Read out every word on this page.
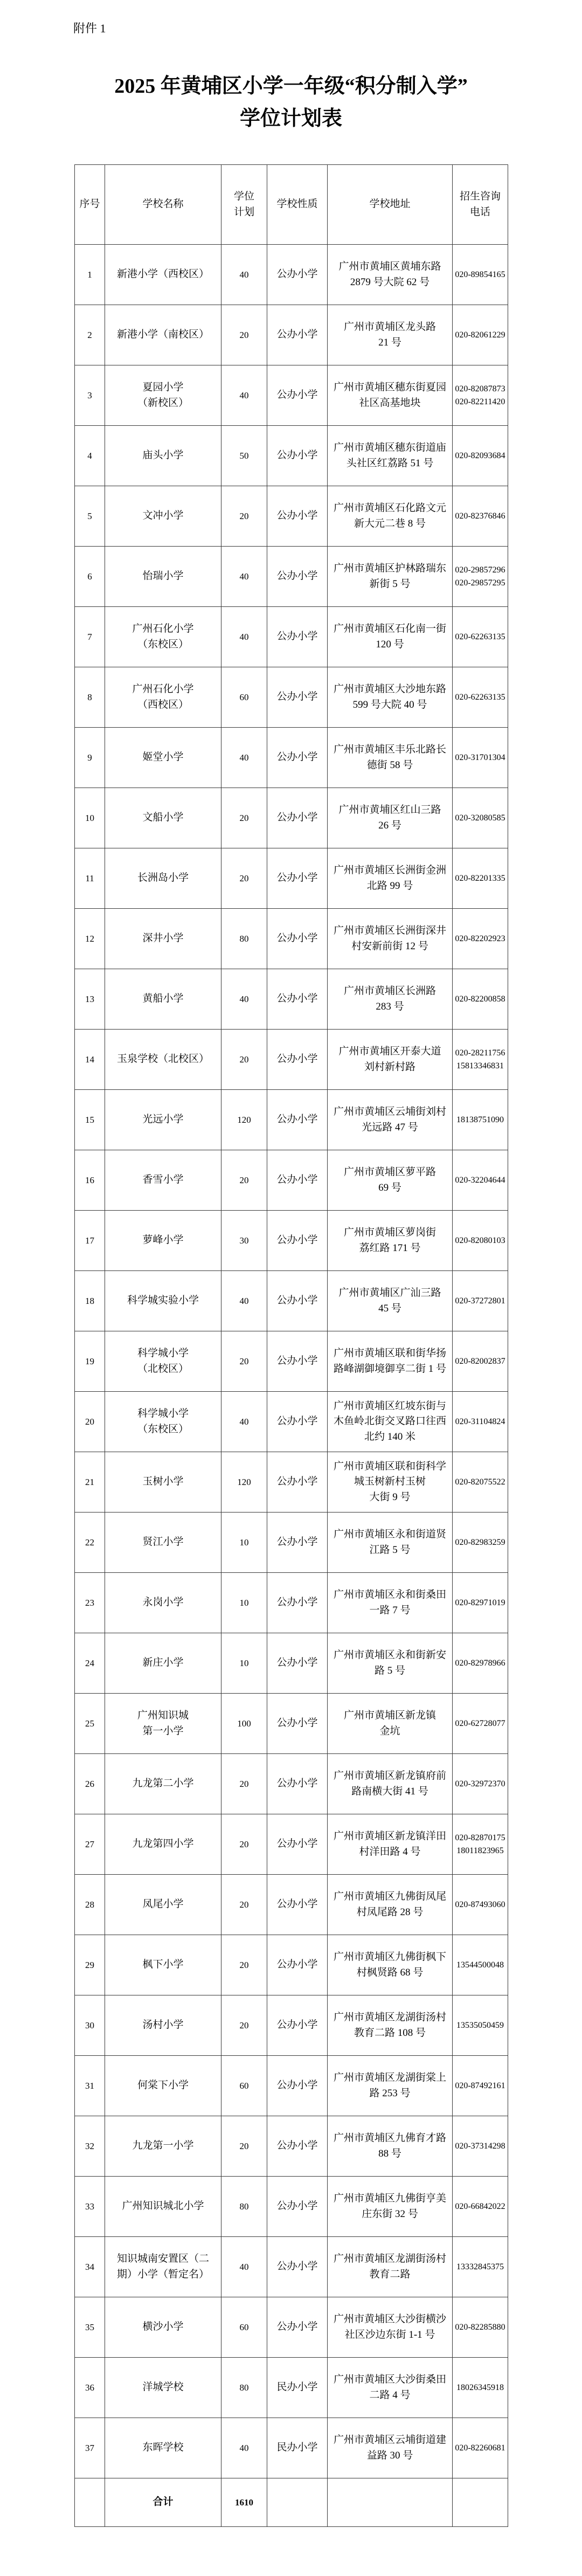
附件 1
2025 年黄埔区小学一年级“积分制入学”
学位计划表
序号	学校名称	学位
计划	学校性质	学校地址	招生咨询
电话
1	新港小学（西校区）	40	公办小学	广州市黄埔区黄埔东路
2879 号大院 62 号	020-89854165
2	新港小学（南校区）	20	公办小学	广州市黄埔区龙头路
21 号	020-82061229
3	夏园小学
（新校区）	40	公办小学	广州市黄埔区穗东街夏园
社区高基地块	020-82087873
020-82211420
4	庙头小学	50	公办小学	广州市黄埔区穗东街道庙
头社区红荔路 51 号	020-82093684
5	文冲小学	20	公办小学	广州市黄埔区石化路文元
新大元二巷 8 号	020-82376846
6	怡瑞小学	40	公办小学	广州市黄埔区护林路瑞东
新街 5 号	020-29857296
020-29857295
7	广州石化小学
（东校区）	40	公办小学	广州市黄埔区石化南一街
120 号	020-62263135
8	广州石化小学
（西校区）	60	公办小学	广州市黄埔区大沙地东路
599 号大院 40 号	020-62263135
9	姬堂小学	40	公办小学	广州市黄埔区丰乐北路长
德街 58 号	020-31701304
10	文船小学	20	公办小学	广州市黄埔区红山三路
26 号	020-32080585
11	长洲岛小学	20	公办小学	广州市黄埔区长洲街金洲
北路 99 号	020-82201335
12	深井小学	80	公办小学	广州市黄埔区长洲街深井
村安新前街 12 号	020-82202923
13	黄船小学	40	公办小学	广州市黄埔区长洲路
283 号	020-82200858
14	玉泉学校（北校区）	20	公办小学	广州市黄埔区开泰大道
刘村新村路	020-28211756
15813346831
15	光远小学	120	公办小学	广州市黄埔区云埔街刘村
光远路 47 号	18138751090
16	香雪小学	20	公办小学	广州市黄埔区萝平路
69 号	020-32204644
17	萝峰小学	30	公办小学	广州市黄埔区萝岗街
荔红路 171 号	020-82080103
18	科学城实验小学	40	公办小学	广州市黄埔区广汕三路
45 号	020-37272801
19	科学城小学
（北校区）	20	公办小学	广州市黄埔区联和街华扬
路峰湖御境御享二街 1 号	020-82002837
20	科学城小学
（东校区）	40	公办小学	广州市黄埔区红坡东街与
木鱼岭北街交叉路口往西
北约 140 米	020-31104824
21	玉树小学	120	公办小学	广州市黄埔区联和街科学
城玉树新村玉树
大街 9 号	020-82075522
22	贤江小学	10	公办小学	广州市黄埔区永和街道贤
江路 5 号	020-82983259
23	永岗小学	10	公办小学	广州市黄埔区永和街桑田
一路 7 号	020-82971019
24	新庄小学	10	公办小学	广州市黄埔区永和街新安
路 5 号	020-82978966
25	广州知识城
第一小学	100	公办小学	广州市黄埔区新龙镇
金坑	020-62728077
26	九龙第二小学	20	公办小学	广州市黄埔区新龙镇府前
路南横大街 41 号	020-32972370
27	九龙第四小学	20	公办小学	广州市黄埔区新龙镇洋田
村洋田路 4 号	020-82870175
18011823965
28	凤尾小学	20	公办小学	广州市黄埔区九佛街凤尾
村凤尾路 28 号	020-87493060
29	枫下小学	20	公办小学	广州市黄埔区九佛街枫下
村枫贤路 68 号	13544500048
30	汤村小学	20	公办小学	广州市黄埔区龙湖街汤村
教育二路 108 号	13535050459
31	何棠下小学	60	公办小学	广州市黄埔区龙湖街棠上
路 253 号	020-87492161
32	九龙第一小学	20	公办小学	广州市黄埔区九佛育才路
88 号	020-37314298
33	广州知识城北小学	80	公办小学	广州市黄埔区九佛街亨美
庄东街 32 号	020-66842022
34	知识城南安置区（二
期）小学（暂定名）	40	公办小学	广州市黄埔区龙湖街汤村
教育二路	13332845375
35	横沙小学	60	公办小学	广州市黄埔区大沙街横沙
社区沙边东街 1-1 号	020-82285880
36	洋城学校	80	民办小学	广州市黄埔区大沙街桑田
二路 4 号	18026345918
37	东晖学校	40	民办小学	广州市黄埔区云埔街道建
益路 30 号	020-82260681
	合计	1610			
